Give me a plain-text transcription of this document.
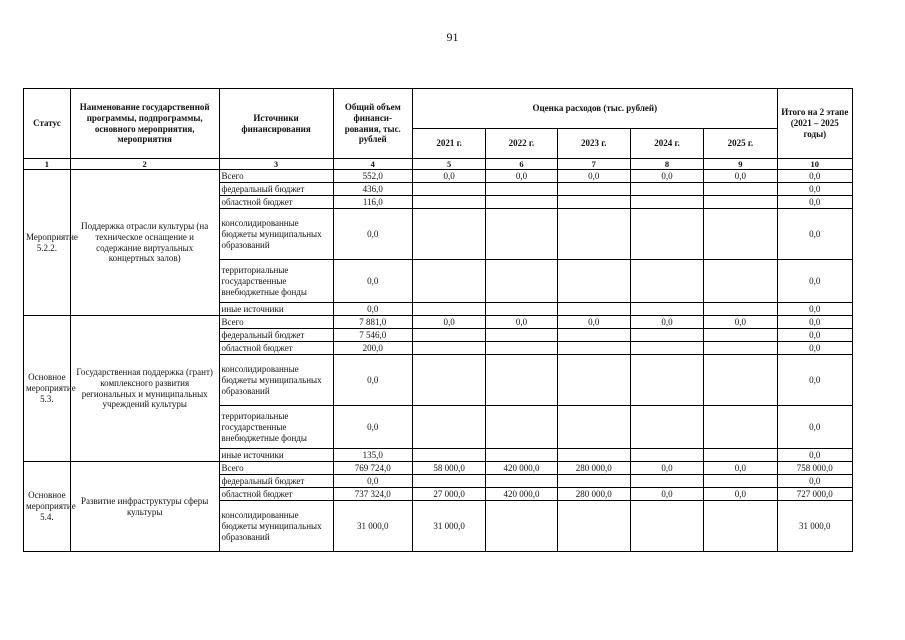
91
Статус	Наименование государственной программы, подпрограммы, основного мероприятия, мероприятия	Источники финансирования	Общий объем финанси-рования, тыс. рублей	Оценка расходов (тыс. рублей)					Итого на 2 этапе (2021 – 2025 годы)
				2021 г.	2022 г.	2023 г.	2024 г.	2025 г.	
1	2	3	4	5	6	7	8	9	10
Мероприятие 5.2.2.	Поддержка отрасли культуры (на техническое оснащение и содержание виртуальных концертных залов)	Всего	552,0	0,0	0,0	0,0	0,0	0,0	0,0
		федеральный бюджет	436,0						0,0
		областной бюджет	116,0						0,0
		консолидированные бюджеты муниципальных образований	0,0						0,0
		территориальные государственные внебюджетные фонды	0,0						0,0
		иные источники	0,0						0,0
Основное мероприятие 5.3.	Государственная поддержка (грант) комплексного развития региональных и муниципальных учреждений культуры	Всего	7 881,0	0,0	0,0	0,0	0,0	0,0	0,0
		федеральный бюджет	7 546,0						0,0
		областной бюджет	200,0						0,0
		консолидированные бюджеты муниципальных образований	0,0						0,0
		территориальные государственные внебюджетные фонды	0,0						0,0
		иные источники	135,0						0,0
Основное мероприятие 5.4.	Развитие инфраструктуры сферы культуры	Всего	769 724,0	58 000,0	420 000,0	280 000,0	0,0	0,0	758 000,0
		федеральный бюджет	0,0						0,0
		областной бюджет	737 324,0	27 000,0	420 000,0	280 000,0	0,0	0,0	727 000,0
		консолидированные бюджеты муниципальных образований	31 000,0	31 000,0					31 000,0
